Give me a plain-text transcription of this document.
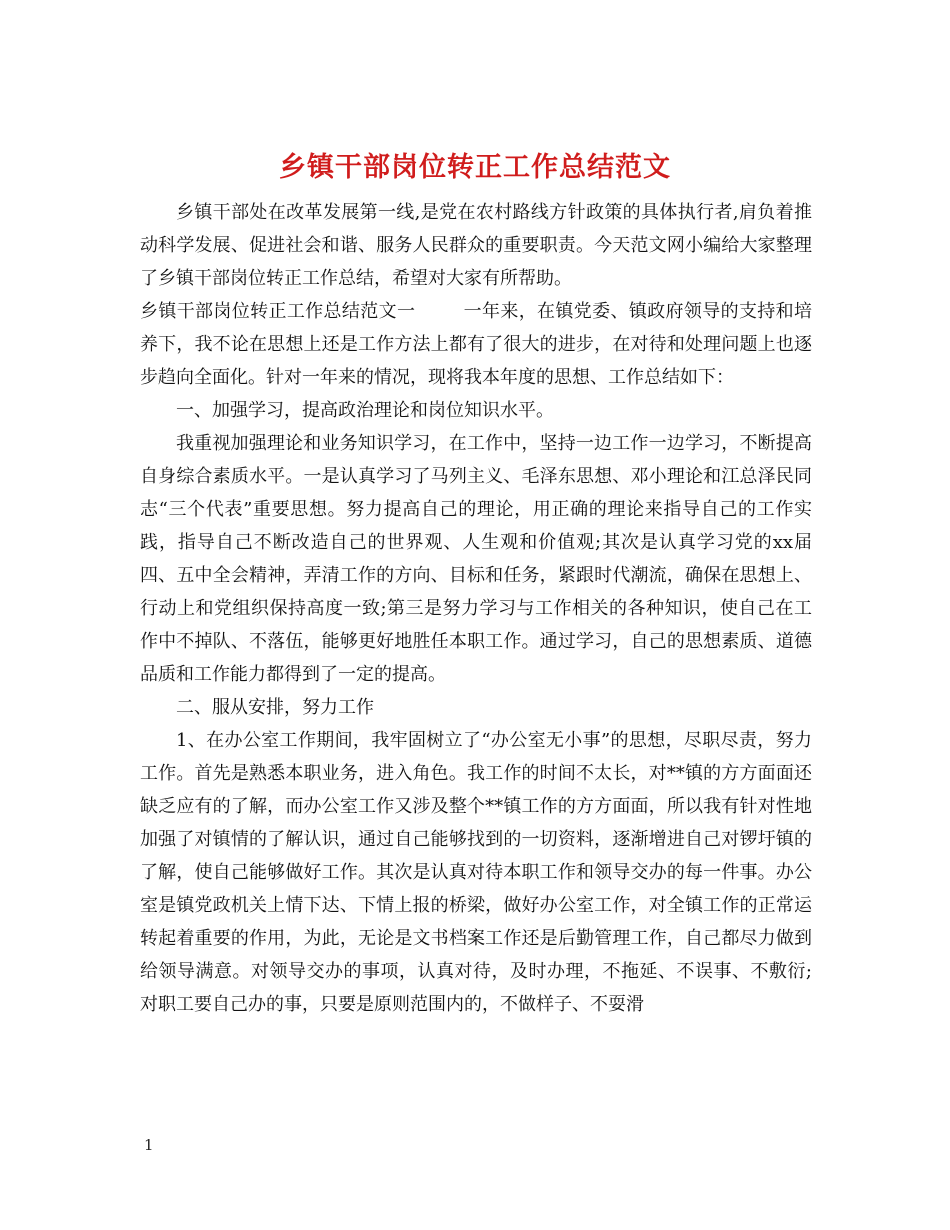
乡镇干部岗位转正工作总结范文

乡镇干部处在改革发展第一线,是党在农村路线方针政策的具体执行者,肩负着推动科学发展、促进社会和谐、服务人民群众的重要职责。今天范文网小编给大家整理了乡镇干部岗位转正工作总结，希望对大家有所帮助。

乡镇干部岗位转正工作总结范文一	一年来，在镇党委、镇政府领导的支持和培养下，我不论在思想上还是工作方法上都有了很大的进步，在对待和处理问题上也逐步趋向全面化。针对一年来的情况，现将我本年度的思想、工作总结如下：

一、加强学习，提高政治理论和岗位知识水平。

我重视加强理论和业务知识学习，在工作中，坚持一边工作一边学习，不断提高自身综合素质水平。一是认真学习了马列主义、毛泽东思想、邓小理论和江总泽民同志“三个代表”重要思想。努力提高自己的理论，用正确的理论来指导自己的工作实践，指导自己不断改造自己的世界观、人生观和价值观;其次是认真学习党的xx届四、五中全会精神，弄清工作的方向、目标和任务，紧跟时代潮流，确保在思想上、行动上和党组织保持高度一致;第三是努力学习与工作相关的各种知识，使自己在工作中不掉队、不落伍，能够更好地胜任本职工作。通过学习，自己的思想素质、道德品质和工作能力都得到了一定的提高。

二、服从安排，努力工作

1、在办公室工作期间，我牢固树立了“办公室无小事”的思想，尽职尽责，努力工作。首先是熟悉本职业务，进入角色。我工作的时间不太长，对**镇的方方面面还缺乏应有的了解，而办公室工作又涉及整个**镇工作的方方面面，所以我有针对性地加强了对镇情的了解认识，通过自己能够找到的一切资料，逐渐增进自己对锣圩镇的了解，使自己能够做好工作。其次是认真对待本职工作和领导交办的每一件事。办公室是镇党政机关上情下达、下情上报的桥梁，做好办公室工作，对全镇工作的正常运转起着重要的作用，为此，无论是文书档案工作还是后勤管理工作，自己都尽力做到给领导满意。对领导交办的事项，认真对待，及时办理，不拖延、不误事、不敷衍;对职工要自己办的事，只要是原则范围内的，不做样子、不耍滑

1
